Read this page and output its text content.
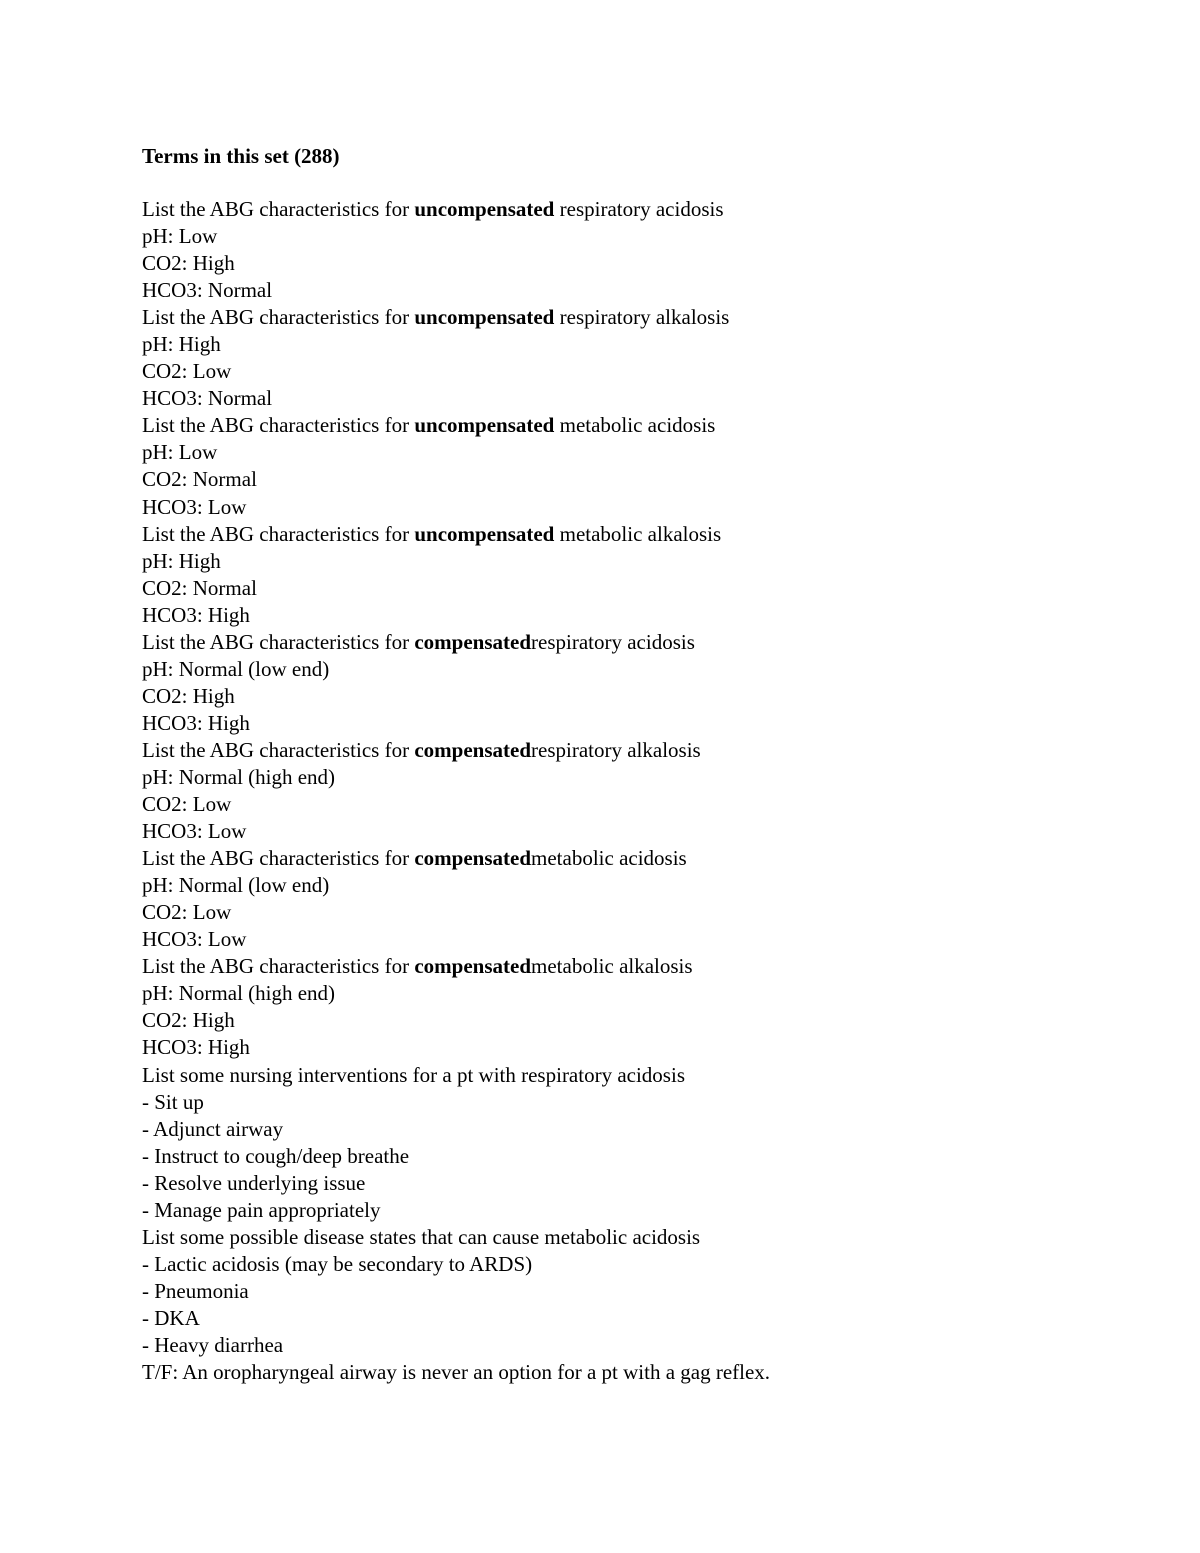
Terms in this set (288)
List the ABG characteristics for uncompensated respiratory acidosis
pH: Low
CO2: High
HCO3: Normal
List the ABG characteristics for uncompensated respiratory alkalosis
pH: High
CO2: Low
HCO3: Normal
List the ABG characteristics for uncompensated metabolic acidosis
pH: Low
CO2: Normal
HCO3: Low
List the ABG characteristics for uncompensated metabolic alkalosis
pH: High
CO2: Normal
HCO3: High
List the ABG characteristics for compensatedrespiratory acidosis
pH: Normal (low end)
CO2: High
HCO3: High
List the ABG characteristics for compensatedrespiratory alkalosis
pH: Normal (high end)
CO2: Low
HCO3: Low
List the ABG characteristics for compensatedmetabolic acidosis
pH: Normal (low end)
CO2: Low
HCO3: Low
List the ABG characteristics for compensatedmetabolic alkalosis
pH: Normal (high end)
CO2: High
HCO3: High
List some nursing interventions for a pt with respiratory acidosis
- Sit up
- Adjunct airway
- Instruct to cough/deep breathe
- Resolve underlying issue
- Manage pain appropriately
List some possible disease states that can cause metabolic acidosis
- Lactic acidosis (may be secondary to ARDS)
- Pneumonia
- DKA
- Heavy diarrhea
T/F: An oropharyngeal airway is never an option for a pt with a gag reflex.
